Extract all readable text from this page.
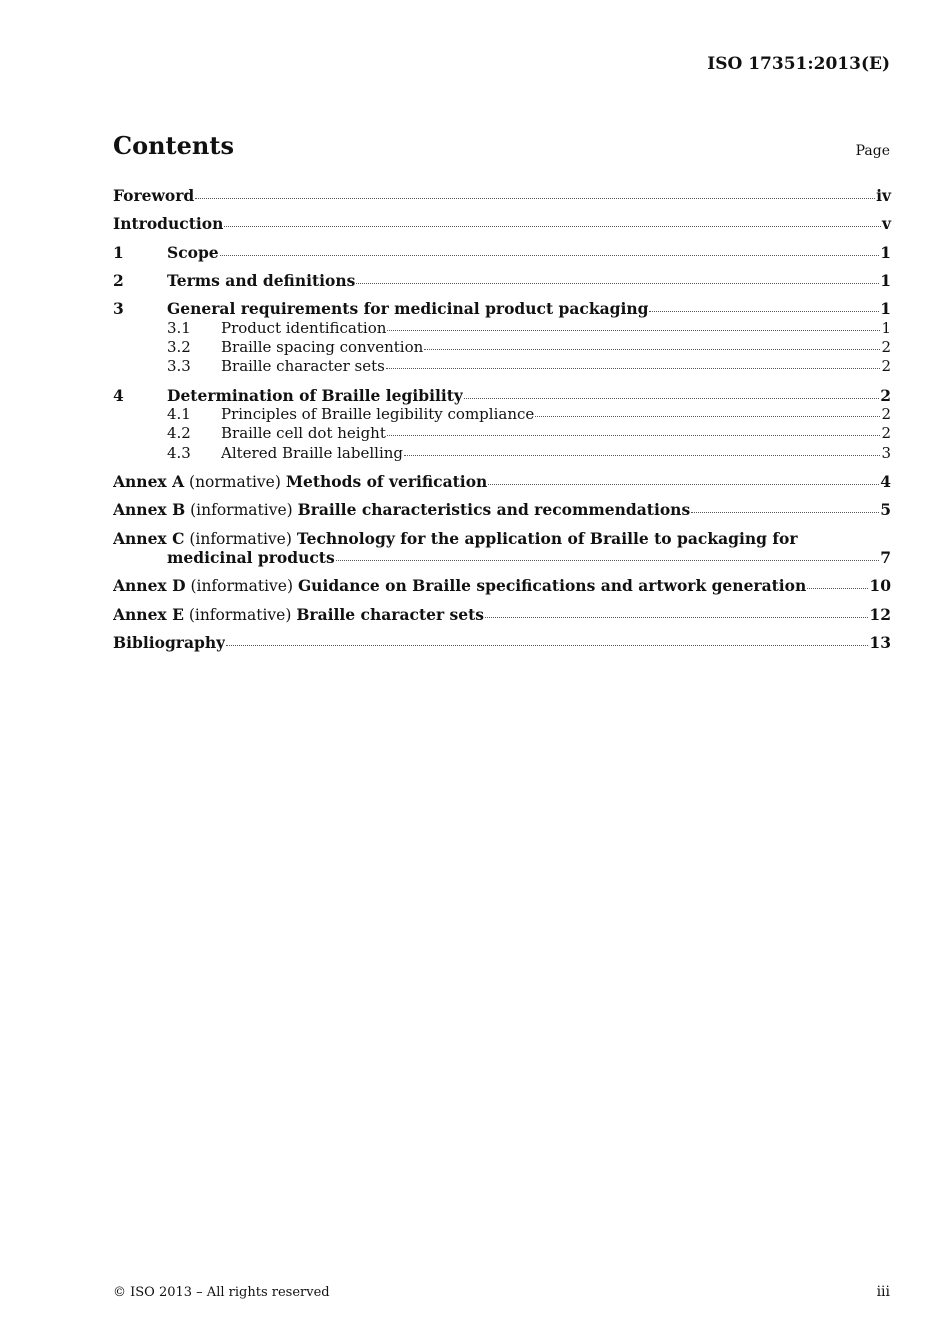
ISO 17351:2013(E)
Contents	Page
Foreword	iv
Introduction	v
1	Scope	1
2	Terms and definitions	1
3	General requirements for medicinal product packaging	1
3.1	Product identification	1
3.2	Braille spacing convention	2
3.3	Braille character sets	2
4	Determination of Braille legibility	2
4.1	Principles of Braille legibility compliance	2
4.2	Braille cell dot height	2
4.3	Altered Braille labelling	3
Annex A (normative) Methods of verification	4
Annex B (informative) Braille characteristics and recommendations	5
Annex C (informative) Technology for the application of Braille to packaging for
medicinal products	7
Annex D (informative) Guidance on Braille specifications and artwork generation	10
Annex E (informative) Braille character sets	12
Bibliography	13
© ISO 2013 – All rights reserved	iii
